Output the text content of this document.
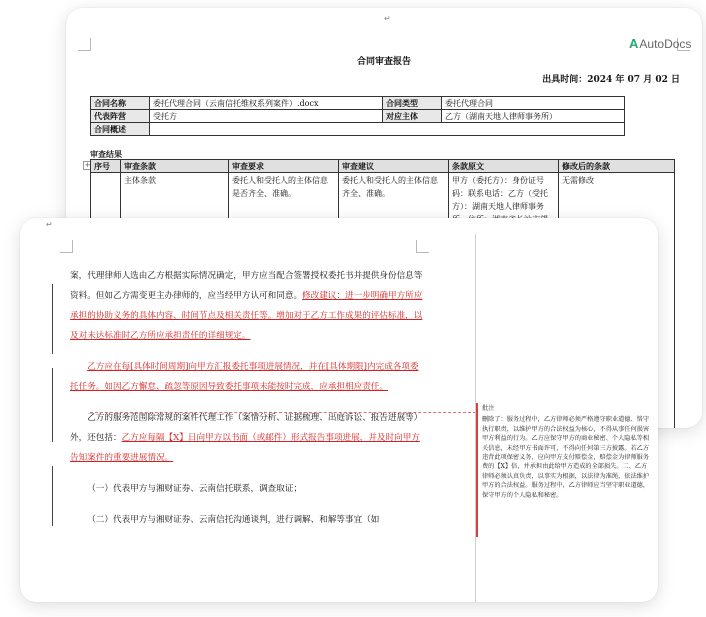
↵
A AutoDocs
合同审查报告
出具时间：2024 年 07 月 02 日
合同名称	委托代理合同（云南信托维权系列案件）.docx	合同类型	委托代理合同
代表阵营	受托方	对应主体	乙方（湖南天地人律师事务所）
合同概述			
审查结果
+ 序号	审查条款	审查要求	审查建议	条款原文	修改后的条款
	主体条款	委托人和受托人的主体信息是否齐全、准确。	委托人和受托人的主体信息齐全、准确。	甲方（委托方）：身份证号码：联系电话：乙方（受托方）：湖南天地人律师事务	无需修改
↵

案，代理律师人选由乙方根据实际情况确定，甲方应当配合签署授权委托书并提供身份信息等资料。但如乙方需变更主办律师的，应当经甲方认可和同意。修改建议：进一步明确甲方所应承担的协助义务的具体内容、时间节点及相关责任等。增加对于乙方工作成果的评估标准，以及对未达标准时乙方所应承担责任的详细规定。

乙方应在每[具体时间周期]向甲方汇报委托事项进展情况，并在[具体期限]内完成各项委托任务。如因乙方懈怠、疏忽等原因导致委托事项未能按时完成，应承担相应责任。

乙方的服务范围除常规的案件代理工作（案情分析、证据梳理、出庭诉讼、报告进展等）外，还包括：乙方应每隔【X】日向甲方以书面（或邮件）形式报告事项进展，并及时向甲方告知案件的重要进展情况。

（一）代表甲方与湘财证券、云南信托联系，调查取证；

（二）代表甲方与湘财证券、云南信托沟通谈判，进行调解、和解等事宜（如

批注
删除了：服务过程中，乙方律师必须严格遵守职业道德、恪守执行职责，以维护甲方的合法权益为核心，不得从事任何损害甲方利益的行为。乙方应保守甲方的商业秘密、个人隐私等相关信息，未经甲方书面许可，不得向任何第三方披露。若乙方违背此项保密义务，应向甲方支付赔偿金，赔偿金为律师服务费的【X】倍，并承担由此给甲方造成的全部损失。二、乙方律师必须认真负责，以事实为根据，以法律为准绳，依法维护甲方的合法权益。服务过程中，乙方律师应当坚守职业道德，保守甲方的个人隐私和秘密。
